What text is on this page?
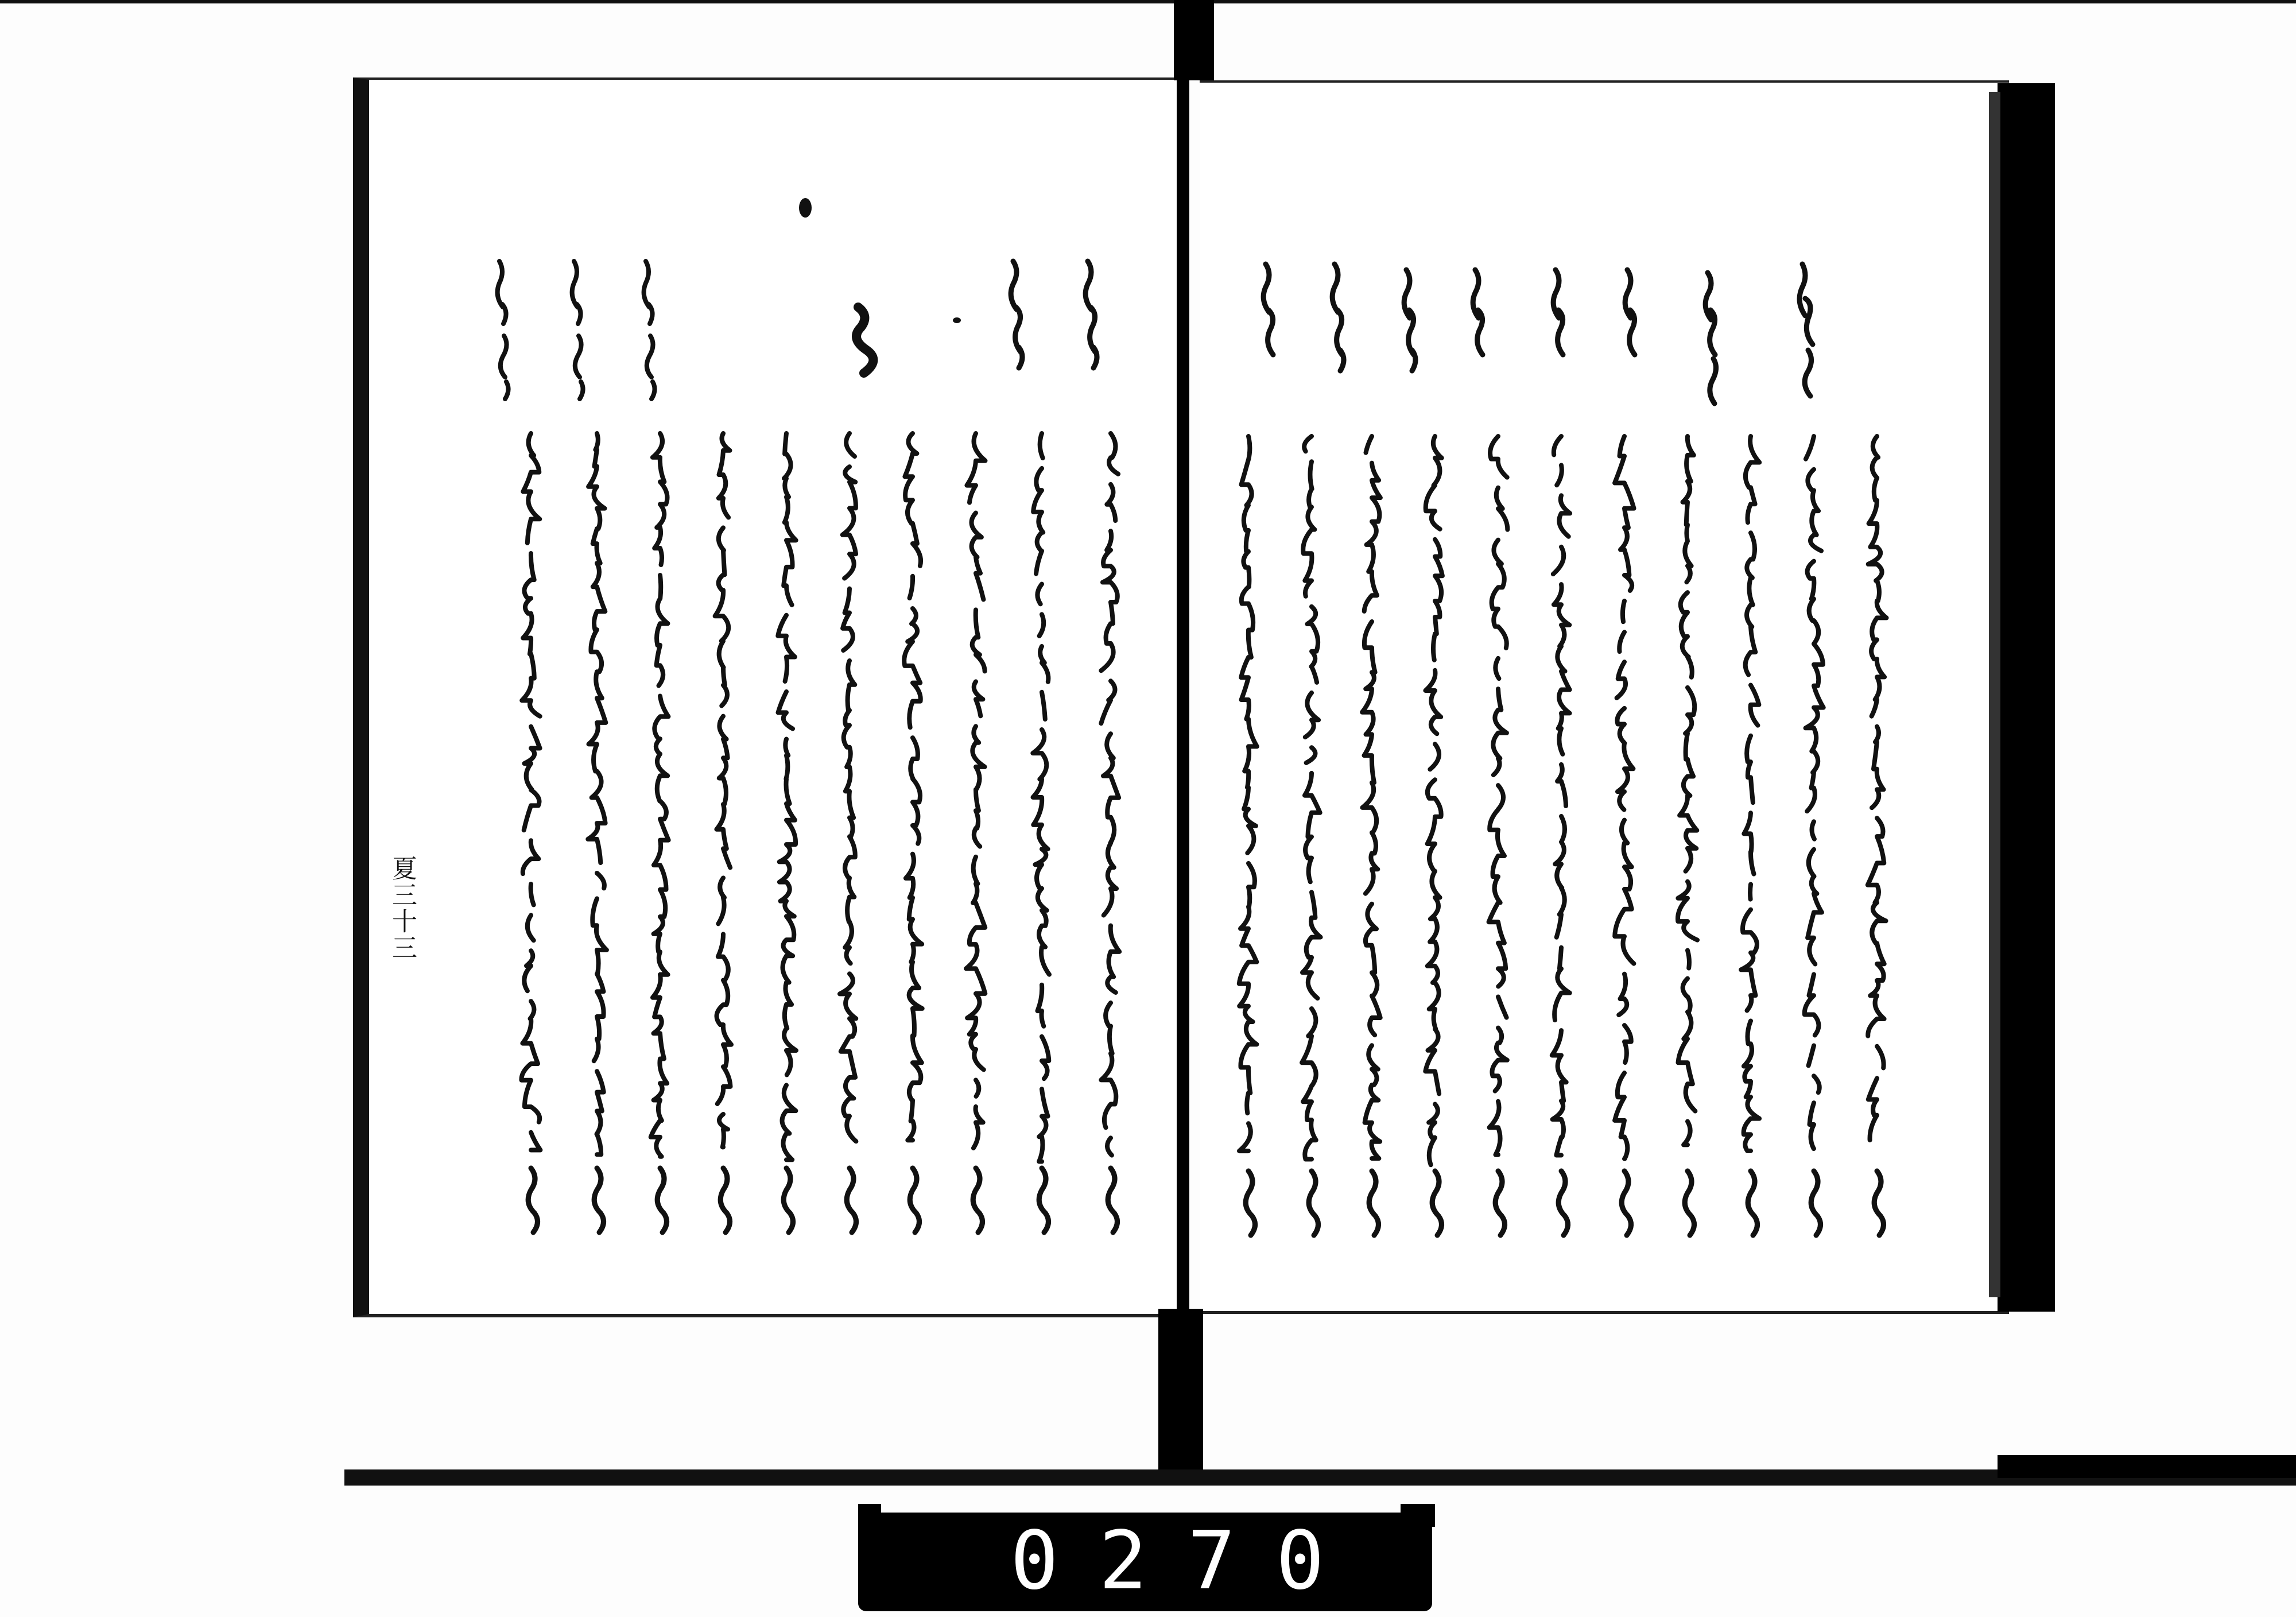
夏三十三
0270
